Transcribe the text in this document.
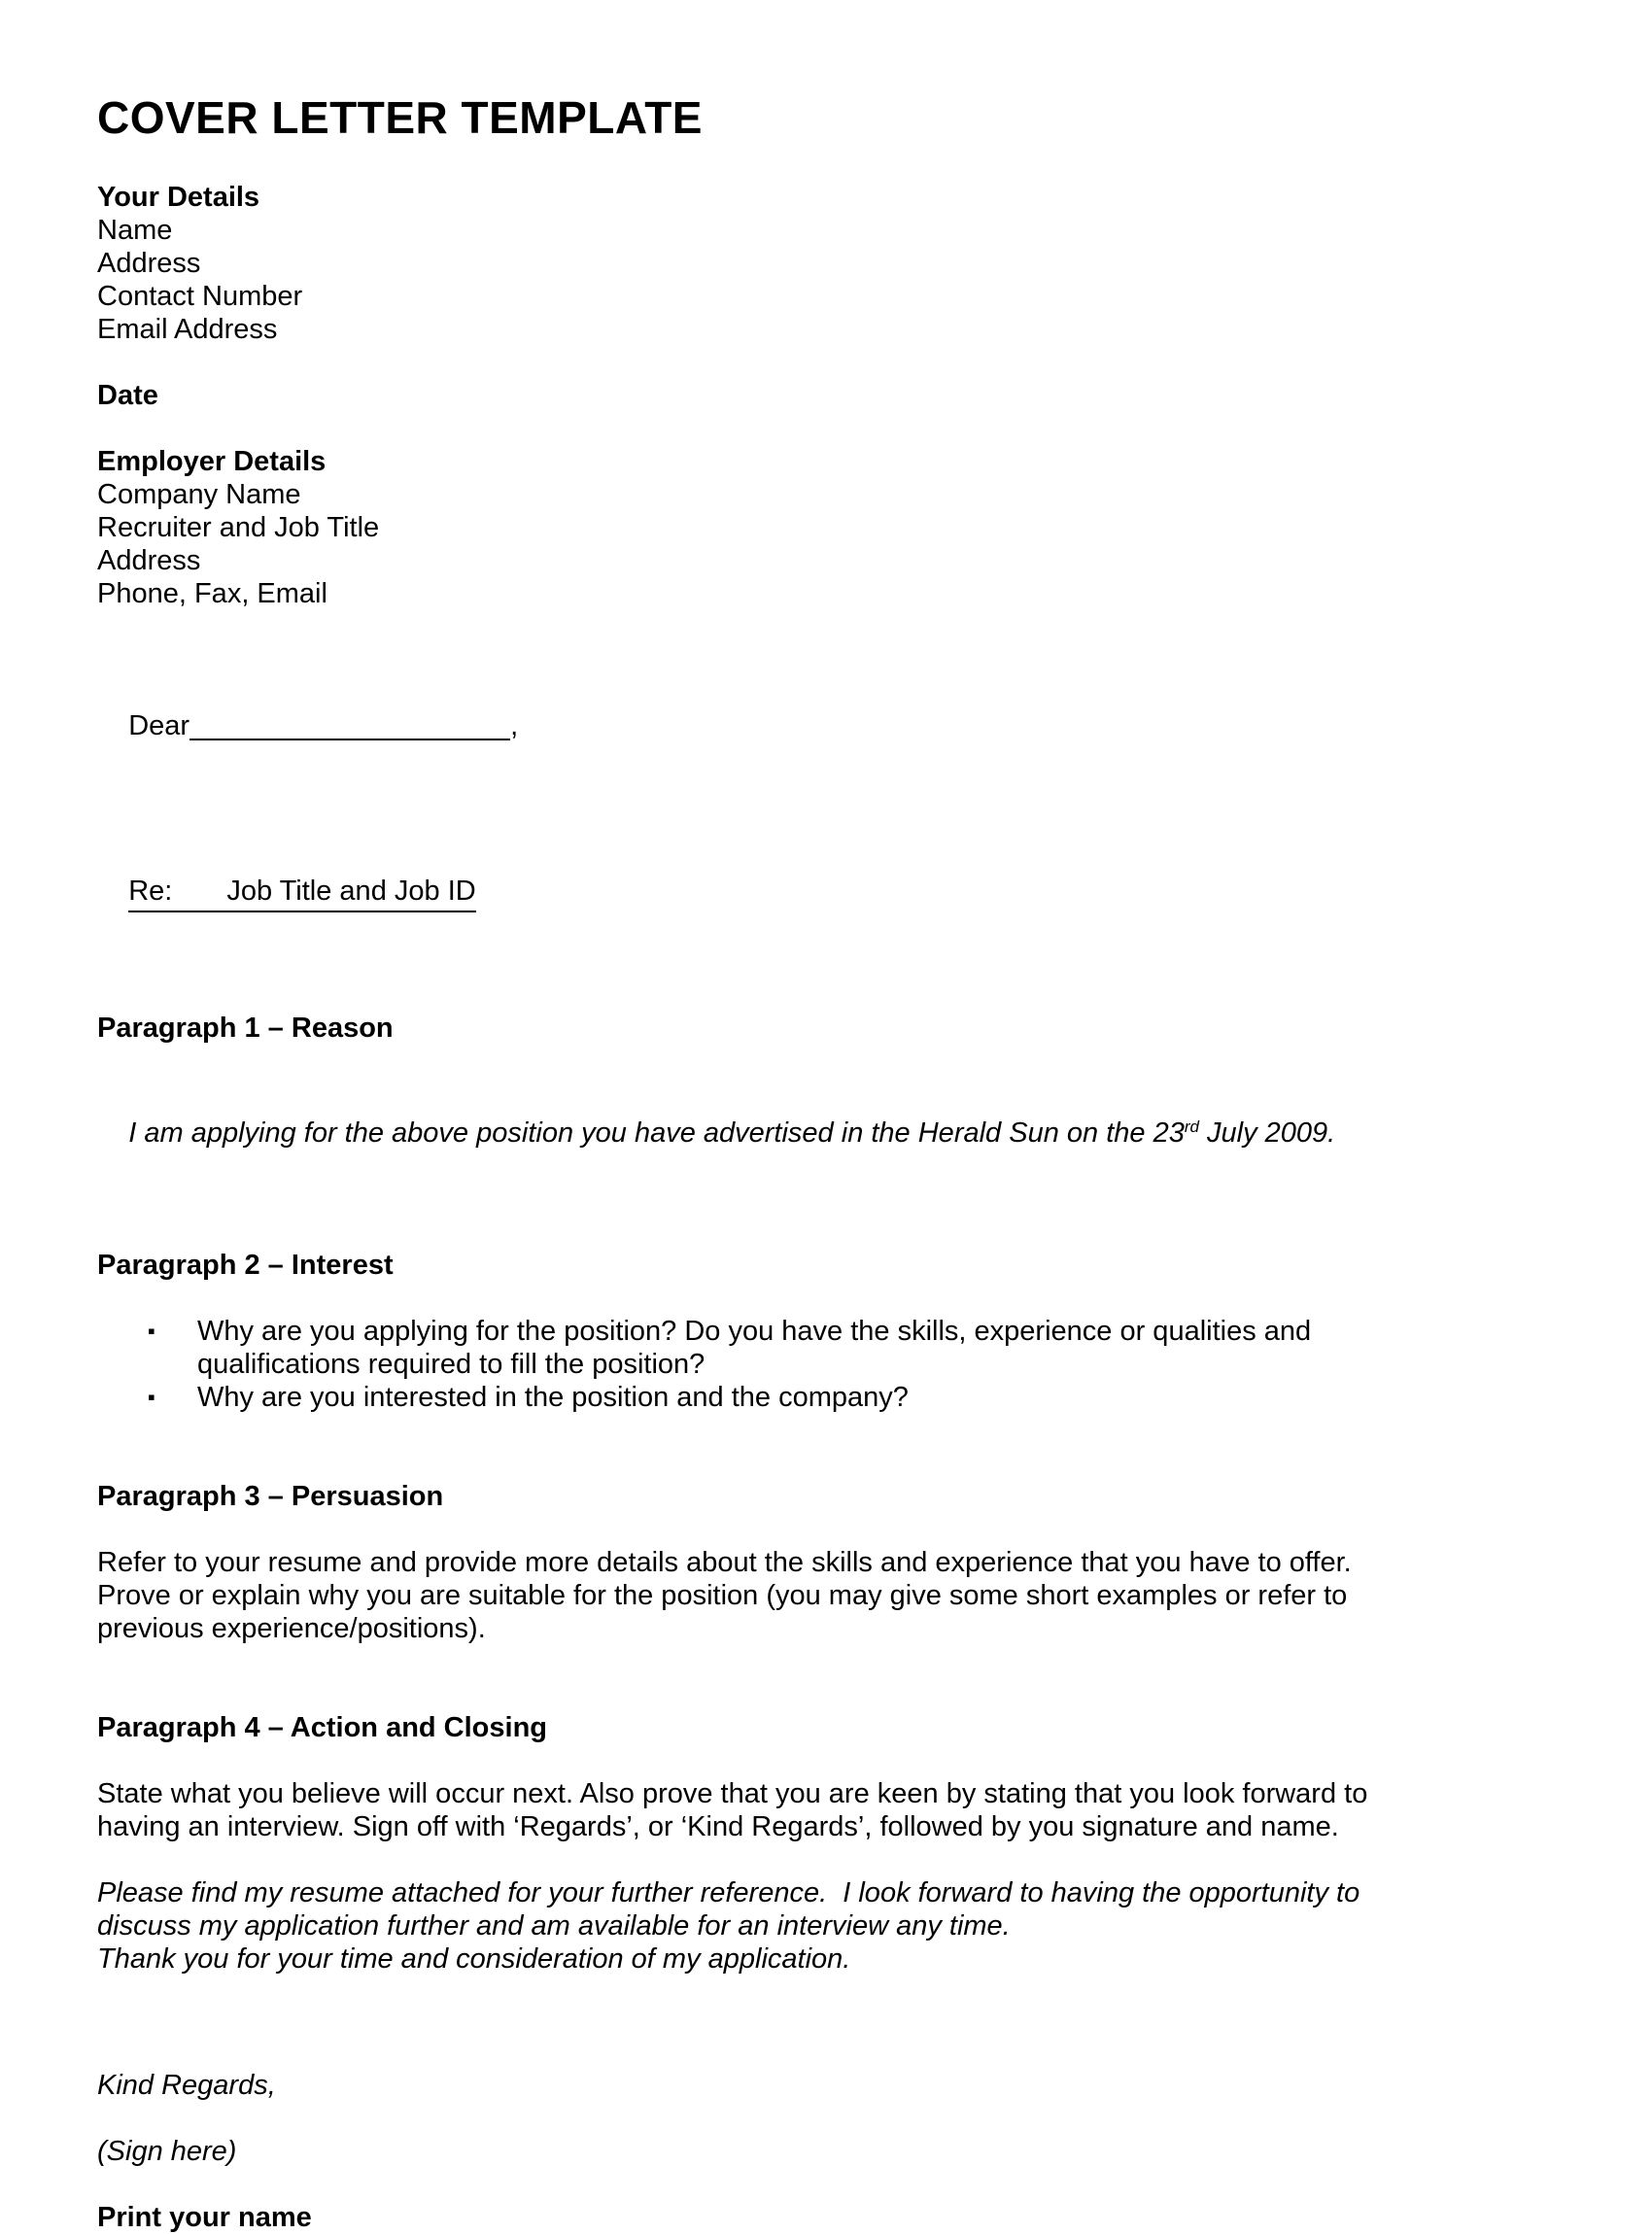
COVER LETTER TEMPLATE
Your Details
Name
Address
Contact Number
Email Address
Date
Employer Details
Company Name
Recruiter and Job Title
Address
Phone, Fax, Email

Dear	,

Re: Job Title and Job ID

Paragraph 1 – Reason

I am applying for the above position you have advertised in the Herald Sun on the 23rd July 2009.

Paragraph 2 – Interest
▪ Why are you applying for the position? Do you have the skills, experience or qualities and
qualifications required to fill the position?
▪ Why are you interested in the position and the company?
Paragraph 3 – Persuasion
Refer to your resume and provide more details about the skills and experience that you have to offer.
Prove or explain why you are suitable for the position (you may give some short examples or refer to
previous experience/positions).
Paragraph 4 – Action and Closing
State what you believe will occur next. Also prove that you are keen by stating that you look forward to
having an interview. Sign off with ‘Regards’, or ‘Kind Regards’, followed by you signature and name.
Please find my resume attached for your further reference.  I look forward to having the opportunity to
discuss my application further and am available for an interview any time.
Thank you for your time and consideration of my application.
Kind Regards,
(Sign here)
Print your name
